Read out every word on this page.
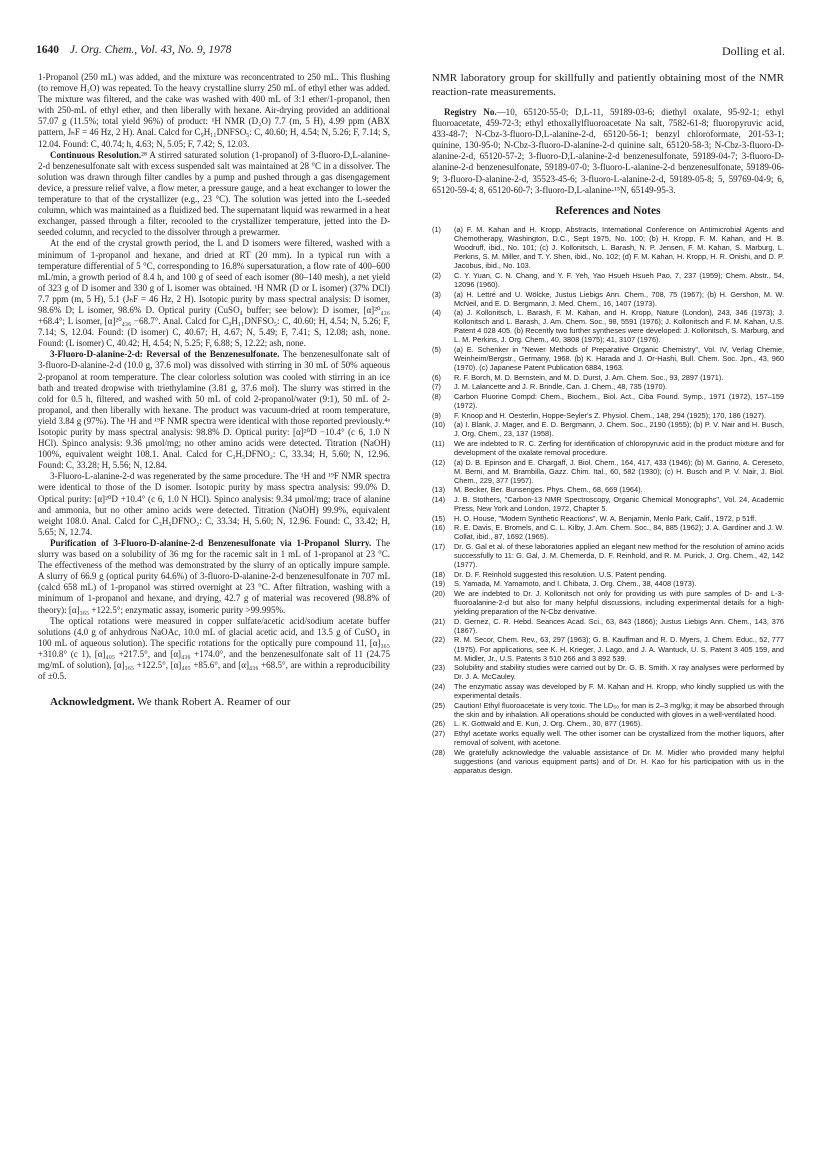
1640 J. Org. Chem., Vol. 43, No. 9, 1978	Dolling et al.

1-Propanol (250 mL) was added, and the mixture was reconcentrated to 250 mL. This flushing (to remove H₂O) was repeated. To the heavy crystalline slurry 250 mL of ethyl ether was added. The mixture was filtered, and the cake was washed with 400 mL of 3:1 ether/1-propanol, then with 250-mL of ethyl ether, and then liberally with hexane. Air-drying provided an additional 57.07 g (11.5%; total yield 96%) of product: ¹H NMR (D₂O) 7.7 (m, 5 H), 4.99 ppm (ABX pattern, JₕF = 46 Hz, 2 H). Anal. Calcd for C₉H₁₁DNFSO₅: C, 40.60; H, 4.54; N, 5.26; F, 7.14; S, 12.04. Found: C, 40.74; h, 4.63; N, 5.05; F, 7.42; S, 12.03.

Continuous Resolution.²⁸ A stirred saturated solution (1-propanol) of 3-fluoro-D,L-alanine-2-d benzenesulfonate salt with excess suspended salt was maintained at 28 °C in a dissolver. The solution was drawn through filter candles by a pump and pushed through a gas disengagement device, a pressure relief valve, a flow meter, a pressure gauge, and a heat exchanger to lower the temperature to that of the crystallizer (e.g., 23 °C). The solution was jetted into the L-seeded column, which was maintained as a fluidized bed. The supernatant liquid was rewarmed in a heat exchanger, passed through a filter, recooled to the crystallizer temperature, jetted into the D-seeded column, and recycled to the dissolver through a prewarmer.

At the end of the crystal growth period, the L and D isomers were filtered, washed with a minimum of 1-propanol and hexane, and dried at RT (20 mm). In a typical run with a temperature differential of 5 °C, corresponding to 16.8% supersaturation, a flow rate of 400–600 mL/min, a growth period of 8.4 h, and 100 g of seed of each isomer (80–140 mesh), a net yield of 323 g of D isomer and 330 g of L isomer was obtained. ¹H NMR (D or L isomer) (37% DCl) 7.7 ppm (m, 5 H), 5.1 (JₕF = 46 Hz, 2 H). Isotopic purity by mass spectral analysis: D isomer, 98.6% D; L isomer, 98.6% D. Optical purity (CuSO₄ buffer; see below): D isomer, [α]²⁰₄₃₆ +68.4°; L isomer, [α]²⁰₄₃₆ −68.7°. Anal. Calcd for C₉H₁₁DNFSO₅: C, 40.60; H, 4.54; N, 5.26; F, 7.14; S, 12.04. Found: (D isomer) C, 40.67; H, 4.67; N, 5.49; F, 7.41; S, 12.08; ash, none. Found: (L isomer) C, 40.42; H, 4.54; N, 5.25; F, 6.88; S, 12.22; ash, none.

3-Fluoro-D-alanine-2-d: Reversal of the Benzenesulfonate. The benzenesulfonate salt of 3-fluoro-D-alanine-2-d (10.0 g, 37.6 mol) was dissolved with stirring in 30 mL of 50% aqueous 2-propanol at room temperature. The clear colorless solution was cooled with stirring in an ice bath and treated dropwise with triethylamine (3.81 g, 37.6 mol). The slurry was stirred in the cold for 0.5 h, filtered, and washed with 50 mL of cold 2-propanol/water (9:1), 50 mL of 2-propanol, and then liberally with hexane. The product was vacuum-dried at room temperature, yield 3.84 g (97%). The ¹H and ¹⁹F NMR spectra were identical with those reported previously.⁴ᵃ Isotopic purity by mass spectral analysis: 98.8% D. Optical purity: [α]²⁰D −10.4° (c 6, 1.0 N HCl). Spinco analysis: 9.36 μmol/mg; no other amino acids were detected. Titration (NaOH) 100%, equivalent weight 108.1. Anal. Calcd for C₃H₅DFNO₂: C, 33.34; H, 5.60; N, 12.96. Found: C, 33.28; H, 5.56; N, 12.84.

3-Fluoro-L-alanine-2-d was regenerated by the same procedure. The ¹H and ¹⁹F NMR spectra were identical to those of the D isomer. Isotopic purity by mass spectra analysis: 99.0% D. Optical purity: [α]²⁰D +10.4° (c 6, 1.0 N HCl). Spinco analysis: 9.34 μmol/mg; trace of alanine and ammonia, but no other amino acids were detected. Titration (NaOH) 99.9%, equivalent weight 108.0. Anal. Calcd for C₃H₅DFNO₂: C, 33.34; H, 5.60; N, 12.96. Found: C, 33.42; H, 5.65; N, 12.74.

Purification of 3-Fluoro-D-alanine-2-d Benzenesulfonate via 1-Propanol Slurry. The slurry was based on a solubility of 36 mg for the racemic salt in 1 mL of 1-propanol at 23 °C. The effectiveness of the method was demonstrated by the slurry of an optically impure sample. A slurry of 66.9 g (optical purity 64.6%) of 3-fluoro-D-alanine-2-d benzenesulfonate in 707 mL (calcd 658 mL) of 1-propanol was stirred overnight at 23 °C. After filtration, washing with a minimum of 1-propanol and hexane, and drying, 42.7 g of material was recovered (98.8% of theory): [α]₃₆₅ +122.5°; enzymatic assay, isomeric purity >99.995%.

The optical rotations were measured in copper sulfate/acetic acid/sodium acetate buffer solutions (4.0 g of anhydrous NaOAc, 10.0 mL of glacial acetic acid, and 13.5 g of CuSO₄ in 100 mL of aqueous solution). The specific rotations for the optically pure compound 11, [α]₃₆₅ +310.8° (c 1), [α]₄₀₅ +217.5°, and [α]₄₃₆ +174.0°, and the benzenesulfonate salt of 11 (24.75 mg/mL of solution), [α]₃₆₅ +122.5°, [α]₄₀₅ +85.6°, and [α]₄₃₆ +68.5°, are within a reproducibility of ±0.5.

Acknowledgment. We thank Robert A. Reamer of our

NMR laboratory group for skillfully and patiently obtaining most of the NMR reaction-rate measurements.

Registry No.—10, 65120-55-0; D,L-11, 59189-03-6; diethyl oxalate, 95-92-1; ethyl fluoroacetate, 459-72-3; ethyl ethoxallylfluoroacetate Na salt, 7582-61-8; fluoropyruvic acid, 433-48-7; N-Cbz-3-fluoro-D,L-alanine-2-d, 65120-56-1; benzyl chloroformate, 201-53-1; quinine, 130-95-0; N-Cbz-3-fluoro-D-alanine-2-d quinine salt, 65120-58-3; N-Cbz-3-fluoro-D-alanine-2-d, 65120-57-2; 3-fluoro-D,L-alanine-2-d benzenesulfonate, 59189-04-7; 3-fluoro-D-alanine-2-d benzenesulfonate, 59189-07-0; 3-fluoro-L-alanine-2-d benzenesulfonate, 59189-06-9; 3-fluoro-D-alanine-2-d, 35523-45-6; 3-fluoro-L-alanine-2-d, 59189-05-8; 5, 59769-04-9; 6, 65120-59-4; 8, 65120-60-7; 3-fluoro-D,L-alanine-¹⁵N, 65149-95-3.

References and Notes
(1)	(a) F. M. Kahan and H. Kropp, Abstracts, International Conference on Antimicrobial Agents and Chemotherapy, Washington, D.C., Sept 1975, No. 100; (b) H. Kropp, F. M. Kahan, and H. B. Woodruff, ibid., No. 101; (c) J. Kollonitsch, L. Barash, N. P. Jensen, F. M. Kahan, S. Marburg, L. Perkins, S. M. Miller, and T. Y. Shen, ibid., No. 102; (d) F. M. Kahan, H. Kropp, H. R. Onishi, and D. P. Jacobus, ibid., No. 103.
(2)	C. Y. Yuan, C. N. Chang, and Y. F. Yeh, Yao Hsueh Hsueh Pao, 7, 237 (1959); Chem. Abstr., 54, 12096 (1960).
(3)	(a) H. Lettré and U. Wölcke, Justus Liebigs Ann. Chem., 708, 75 (1967); (b) H. Gershon, M. W. McNeil, and E. D. Bergmann, J. Med. Chem., 16, 1407 (1973).
(4)	(a) J. Kollonitsch, L. Barash, F. M. Kahan, and H. Kropp, Nature (London), 243, 346 (1973); J. Kollonitsch and L. Barash, J. Am. Chem. Soc., 98, 5591 (1976); J. Kollonitsch and F. M. Kahan, U.S. Patent 4 028 405. (b) Recently two further syntheses were developed: J. Kollonitsch, S. Marburg, and L. M. Perkins, J. Org. Chem., 40, 3808 (1975); 41, 3107 (1976).
(5)	(a) E. Schenker in "Newer Methods of Preparative Organic Chemistry", Vol. IV, Verlag Chemie, Weinheim/Bergstr., Germany, 1968. (b) K. Harada and J. Or-Hashi, Bull. Chem. Soc. Jpn., 43, 960 (1970). (c) Japanese Patent Publication 6884, 1963.
(6)	R. F. Borch, M. D. Bernstein, and M. D. Durst, J. Am. Chem. Soc., 93, 2897 (1971).
(7)	J. M. Lalancette and J. R. Brindle, Can. J. Chem., 48, 735 (1970).
(8)	Carbon Fluorine Compd: Chem., Biochem., Biol. Act., Ciba Found. Symp., 1971 (1972), 157–159 (1972).
(9)	F. Knoop and H. Oesterlin, Hoppe-Seyler's Z. Physiol. Chem., 148, 294 (1925); 170, 186 (1927).
(10)	(a) I. Blank, J. Mager, and E. D. Bergmann, J. Chem. Soc., 2190 (1955); (b) P. V. Nair and H. Busch, J. Org. Chem., 23, 137 (1958).
(11)	We are indebted to R. C. Zerfing for identification of chloropyruvic acid in the product mixture and for development of the oxalate removal procedure.
(12)	(a) D. B. Epinson and E. Chargaff, J. Biol. Chem., 164, 417, 433 (1946); (b) M. Garino, A. Cereseto, M. Berni, and M. Brambilla, Gazz. Chim. Ital., 60, 582 (1930); (c) H. Busch and P. V. Nair, J. Biol. Chem., 229, 377 (1957).
(13)	M. Becker, Ber. Bunsenges. Phys. Chem., 68, 669 (1964).
(14)	J. B. Stothers, "Carbon-13 NMR Spectroscopy, Organic Chemical Monographs", Vol. 24, Academic Press, New York and London, 1972, Chapter 5.
(15)	H. O. House, "Modern Synthetic Reactions", W. A. Benjamin, Menlo Park, Calif., 1972, p 51ff.
(16)	R. E. Davis, E. Bromels, and C. L. Kilby, J. Am. Chem. Soc., 84, 885 (1962); J. A. Gardiner and J. W. Collat, ibid., 87, 1692 (1965).
(17)	Dr. G. Gal et al. of these laboratories applied an elegant new method for the resolution of amino acids successfully to 11: G. Gal, J. M. Chemerda, D. F. Reinhold, and R. M. Purick, J. Org. Chem., 42, 142 (1977).
(18)	Dr. D. F. Reinhold suggested this resolution. U.S. Patent pending.
(19)	S. Yamada, M. Yamamoto, and I. Chibata, J. Org. Chem., 38, 4408 (1973).
(20)	We are indebted to Dr. J. Kollonitsch not only for providing us with pure samples of D- and L-3-fluoroalanine-2-d but also for many helpful discussions, including experimental details for a high-yielding preparation of the N-Cbz derivative.
(21)	D. Gernez, C. R. Hebd. Seances Acad. Sci., 63, 843 (1866); Justus Liebigs Ann. Chem., 143, 376 (1867).
(22)	R. M. Secor, Chem. Rev., 63, 297 (1963); G. B. Kauffman and R. D. Myers, J. Chem. Educ., 52, 777 (1975). For applications, see K. H. Krieger, J. Lago, and J. A. Wantuck, U. S. Patent 3 405 159, and M. Midler, Jr., U.S. Patents 3 510 266 and 3 892 539.
(23)	Solubility and stability studies were carried out by Dr. G. B. Smith. X ray analyses were performed by Dr. J. A. McCauley.
(24)	The enzymatic assay was developed by F. M. Kahan and H. Kropp, who kindly supplied us with the experimental details.
(25)	Caution! Ethyl fluoroacetate is very toxic. The LD₅₀ for man is 2–3 mg/kg; it may be absorbed through the skin and by inhalation. All operations should be conducted with gloves in a well-ventilated hood.
(26)	L. K. Gottwald and E. Kun, J. Org. Chem., 30, 877 (1965).
(27)	Ethyl acetate works equally well. The other isomer can be crystallized from the mother liquors, after removal of solvent, with acetone.
(28)	We gratefully acknowledge the valuable assistance of Dr. M. Midler who provided many helpful suggestions (and various equipment parts) and of Dr. H. Kao for his participation with us in the apparatus design.
